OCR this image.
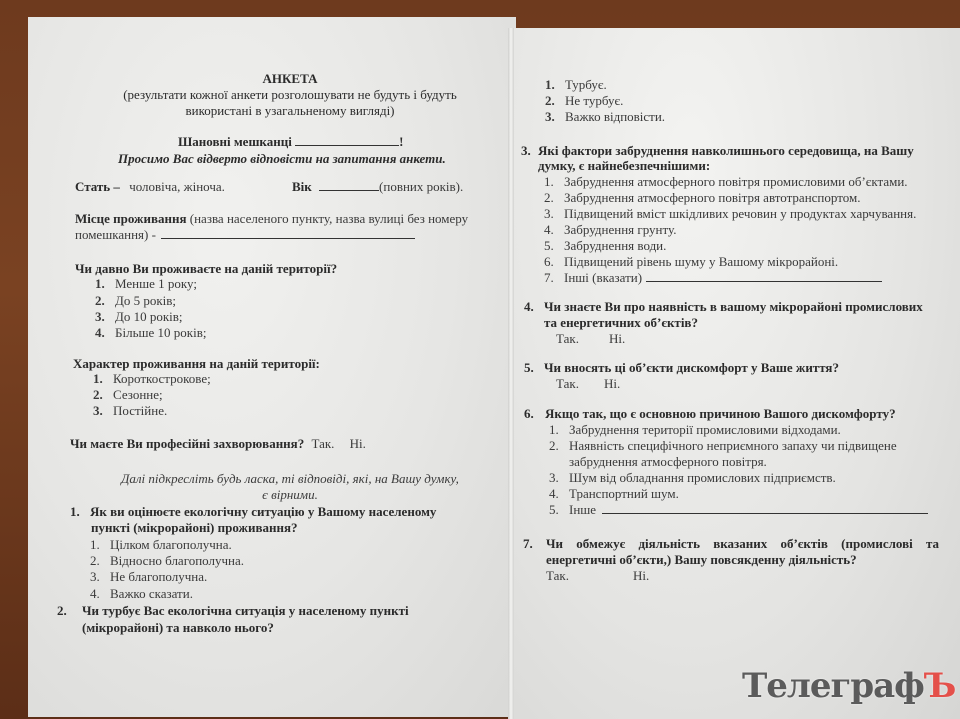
АНКЕТА
(результати кожної анкети розголошувати не будуть і будуть
використані в узагальненому вигляді)
Шановні мешканці	!
Просимо Вас відверто відповісти на запитання анкети.
Стать – чоловіча, жіноча.	Вік	(повних років).
Місце проживання (назва населеного пункту, назва вулиці без номеру
помешкання) -
Чи давно Ви проживаєте на даній території?
1. Менше 1 року;
2. До 5 років;
3. До 10 років;
4. Більше 10 років;
Характер проживання на даній території:
1. Короткострокове;
2. Сезонне;
3. Постійне.
Чи маєте Ви професійні захворювання? Так. Ні.
Далі підкресліть будь ласка, ті відповіді, які, на Вашу думку,
є вірними.
1. Як ви оцінюєте екологічну ситуацію у Вашому населеному
пункті (мікрорайоні) проживання?
1. Цілком благополучна.
2. Відносно благополучна.
3. Не благополучна.
4. Важко сказати.
2. Чи турбує Вас екологічна ситуація у населеному пункті
(мікрорайоні) та навколо нього?
1. Турбує.
2. Не турбує.
3. Важко відповісти.
3. Які фактори забруднення навколишнього середовища, на Вашу
думку, є найнебезпечнішими:
1. Забруднення атмосферного повітря промисловими об’єктами.
2. Забруднення атмосферного повітря автотранспортом.
3. Підвищений вміст шкідливих речовин у продуктах харчування.
4. Забруднення грунту.
5. Забруднення води.
6. Підвищений рівень шуму у Вашому мікрорайоні.
7. Інші (вказати)
4. Чи знаєте Ви про наявність в вашому мікрорайоні промислових
та енергетичних об’єктів?
Так. Ні.
5. Чи вносять ці об’єкти дискомфорт у Ваше життя?
Так. Ні.
6. Якщо так, що є основною причиною Вашого дискомфорту?
1. Забруднення території промисловими відходами.
2. Наявність специфічного неприємного запаху чи підвищене
забруднення атмосферного повітря.
3. Шум від обладнання промислових підприємств.
4. Транспортний шум.
5. Інше
7. Чи обмежує діяльність вказаних об’єктів (промислові та
енергетичні об’єкти,) Вашу повсякденну діяльність?
Так.	Ні.
ТелеграфЪ
